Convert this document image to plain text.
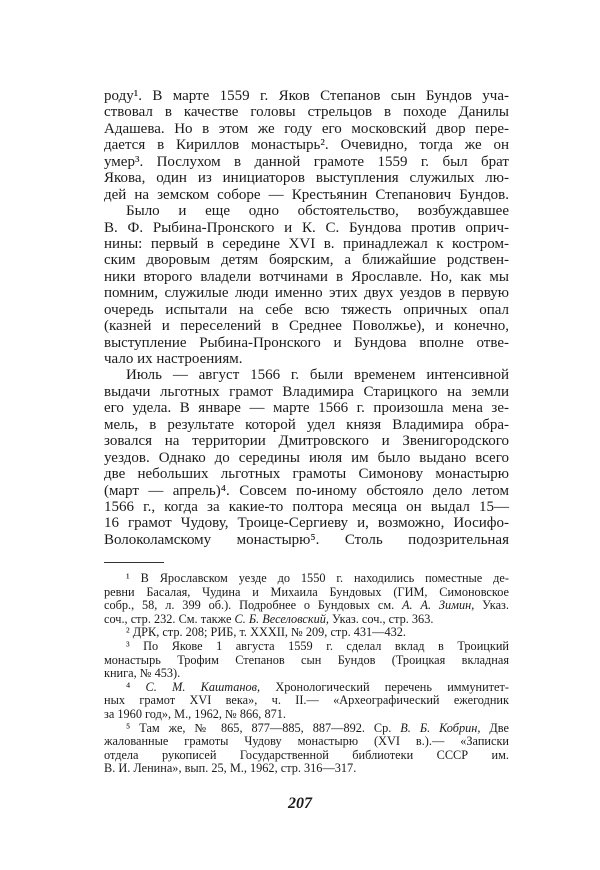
роду¹. В марте 1559 г. Яков Степанов сын Бундов уча-
ствовал в качестве головы стрельцов в походе Данилы
Адашева. Но в этом же году его московский двор пере-
дается в Кириллов монастырь². Очевидно, тогда же он
умер³. Послухом в данной грамоте 1559 г. был брат
Якова, один из инициаторов выступления служилых лю-
дей на земском соборе — Крестьянин Степанович Бундов.
Было и еще одно обстоятельство, возбуждавшее
В. Ф. Рыбина-Пронского и К. С. Бундова против оприч-
нины: первый в середине XVI в. принадлежал к костром-
ским дворовым детям боярским, а ближайшие родствен-
ники второго владели вотчинами в Ярославле. Но, как мы
помним, служилые люди именно этих двух уездов в первую
очередь испытали на себе всю тяжесть опричных опал
(казней и переселений в Среднее Поволжье), и конечно,
выступление Рыбина-Пронского и Бундова вполне отве-
чало их настроениям.
Июль — август 1566 г. были временем интенсивной
выдачи льготных грамот Владимира Старицкого на земли
его удела. В январе — марте 1566 г. произошла мена зе-
мель, в результате которой удел князя Владимира обра-
зовался на территории Дмитровского и Звенигородского
уездов. Однако до середины июля им было выдано всего
две небольших льготных грамоты Симонову монастырю
(март — апрель)⁴. Совсем по-иному обстояло дело летом
1566 г., когда за какие-то полтора месяца он выдал 15—
16 грамот Чудову, Троице-Сергиеву и, возможно, Иосифо-
Волоколамскому монастырю⁵. Столь подозрительная
¹ В Ярославском уезде до 1550 г. находились поместные де-
ревни Басалая, Чудина и Михаила Бундовых (ГИМ, Симоновское
собр., 58, л. 399 об.). Подробнее о Бундовых см. А. А. Зимин, Указ.
соч., стр. 232. См. также С. Б. Веселовский, Указ. соч., стр. 363.
² ДРК, стр. 208; РИБ, т. XXXII, № 209, стр. 431—432.
³ По Якове 1 августа 1559 г. сделал вклад в Троицкий
монастырь Трофим Степанов сын Бундов (Троицкая вкладная
книга, № 453).
⁴ С. М. Каштанов, Хронологический перечень иммунитет-
ных грамот XVI века», ч. II.— «Археографический ежегодник
за 1960 год», М., 1962, № 866, 871.
⁵ Там же, № 865, 877—885, 887—892. Ср. В. Б. Кобрин, Две
жалованные грамоты Чудову монастырю (XVI в.).— «Записки
отдела рукописей Государственной библиотеки СССР им.
В. И. Ленина», вып. 25, М., 1962, стр. 316—317.
207
